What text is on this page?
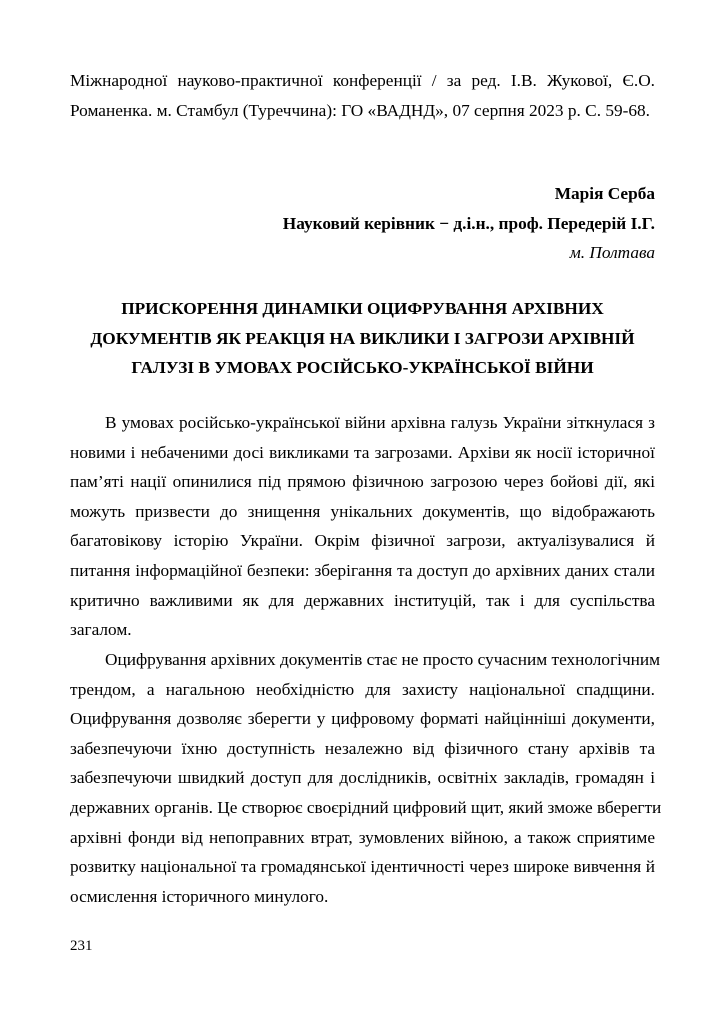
Міжнародної науково-практичної конференції / за ред. І.В. Жукової, Є.О.
Романенка. м. Стамбул (Туреччина): ГО «ВАДНД», 07 серпня 2023 р. С. 59-68.
Марія Серба
Науковий керівник − д.і.н., проф. Передерій І.Г.
м. Полтава
ПРИСКОРЕННЯ ДИНАМІКИ ОЦИФРУВАННЯ АРХІВНИХ
ДОКУМЕНТІВ ЯК РЕАКЦІЯ НА ВИКЛИКИ І ЗАГРОЗИ АРХІВНІЙ
ГАЛУЗІ В УМОВАХ РОСІЙСЬКО-УКРАЇНСЬКОЇ ВІЙНИ
В умовах російсько-української війни архівна галузь України зіткнулася з
новими і небаченими досі викликами та загрозами. Архіви як носії історичної
пам’яті нації опинилися під прямою фізичною загрозою через бойові дії, які
можуть призвести до знищення унікальних документів, що відображають
багатовікову історію України. Окрім фізичної загрози, актуалізувалися й
питання інформаційної безпеки: зберігання та доступ до архівних даних стали
критично важливими як для державних інституцій, так і для суспільства
загалом.
Оцифрування архівних документів стає не просто сучасним технологічним
трендом, а нагальною необхідністю для захисту національної спадщини.
Оцифрування дозволяє зберегти у цифровому форматі найцінніші документи,
забезпечуючи їхню доступність незалежно від фізичного стану архівів та
забезпечуючи швидкий доступ для дослідників, освітніх закладів, громадян і
державних органів. Це створює своєрідний цифровий щит, який зможе вберегти
архівні фонди від непоправних втрат, зумовлених війною, а також сприятиме
розвитку національної та громадянської ідентичності через широке вивчення й
осмислення історичного минулого.
231
